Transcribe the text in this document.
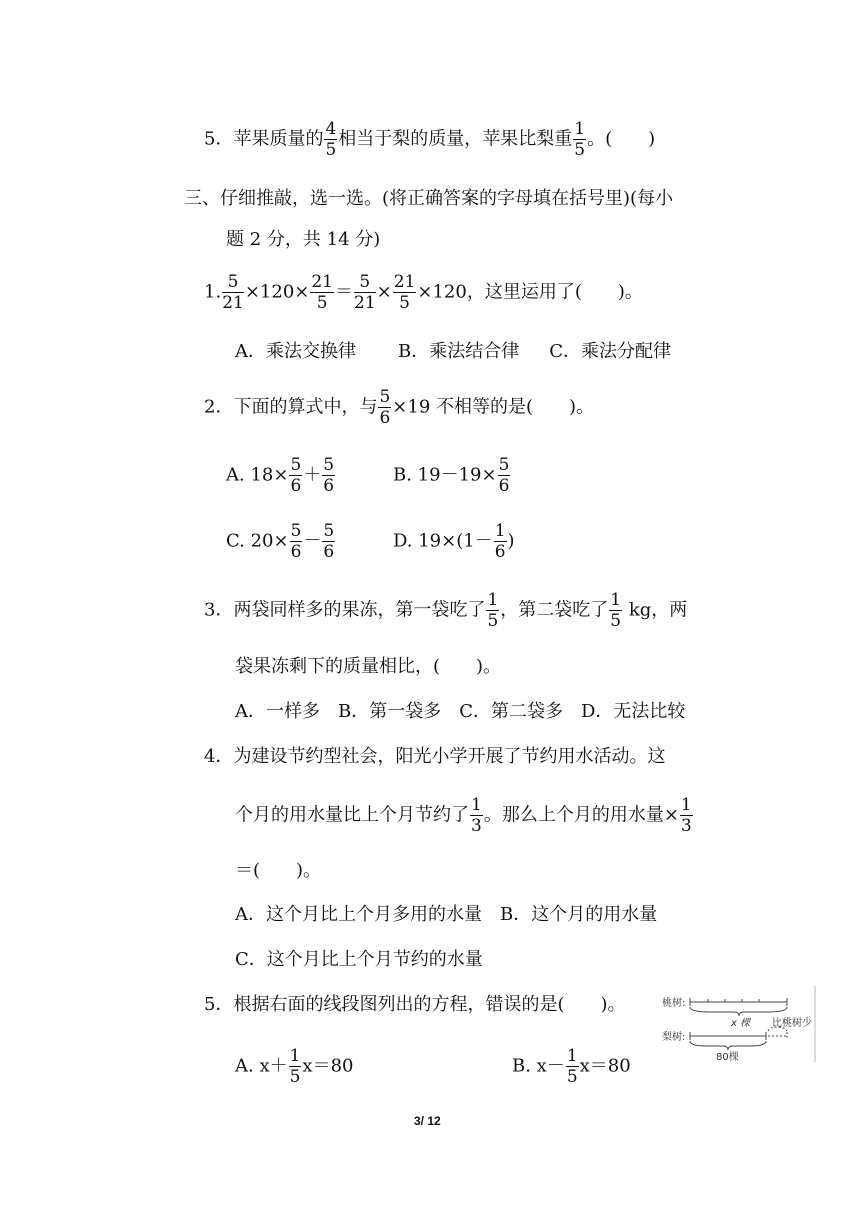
5．苹果质量的 $\frac{4}{5}$ 相当于梨的质量，苹果比梨重 $\frac{1}{5}$ 。(　　)
三、仔细推敲，选一选。(将正确答案的字母填在括号里)(每小
题 2 分，共 14 分)
1. $\frac{5}{21} \times 120\times \frac{21}{5} = \frac{5}{21} \times \frac{21}{5} \times 120$，这里运用了(　　)。
A．乘法交换律 B．乘法结合律 C．乘法分配律
2．下面的算式中，与 $\frac{5}{6} \times 19$ 不相等的是(　　)。
A. $18\times \frac{5}{6} + \frac{5}{6}$	B. $19-19\times \frac{5}{6}$
C. $20\times \frac{5}{6} - \frac{5}{6}$	D. $19\times(1- \frac{1}{6}$ )
3．两袋同样多的果冻，第一袋吃了 $\frac{1}{5}$ ，第二袋吃了 $\frac{1}{5}$ kg，两
袋果冻剩下的质量相比，(　　)。
A．一样多　B．第一袋多　C．第二袋多　D．无法比较
4．为建设节约型社会，阳光小学开展了节约用水活动。这
个月的用水量比上个月节约了 $\frac{1}{3}$ 。那么上个月的用水量× $\frac{1}{3}$
＝(　　)。
A．这个月比上个月多用的水量　B．这个月的用水量
C．这个月比上个月节约的水量
5．根据右面的线段图列出的方程，错误的是(　　)。
A. $x+ \frac{1}{5} x=80$	B. $x- \frac{1}{5} x=80$
桃树:
x 棵 比桃树少
梨树:
80棵
3/ 12
